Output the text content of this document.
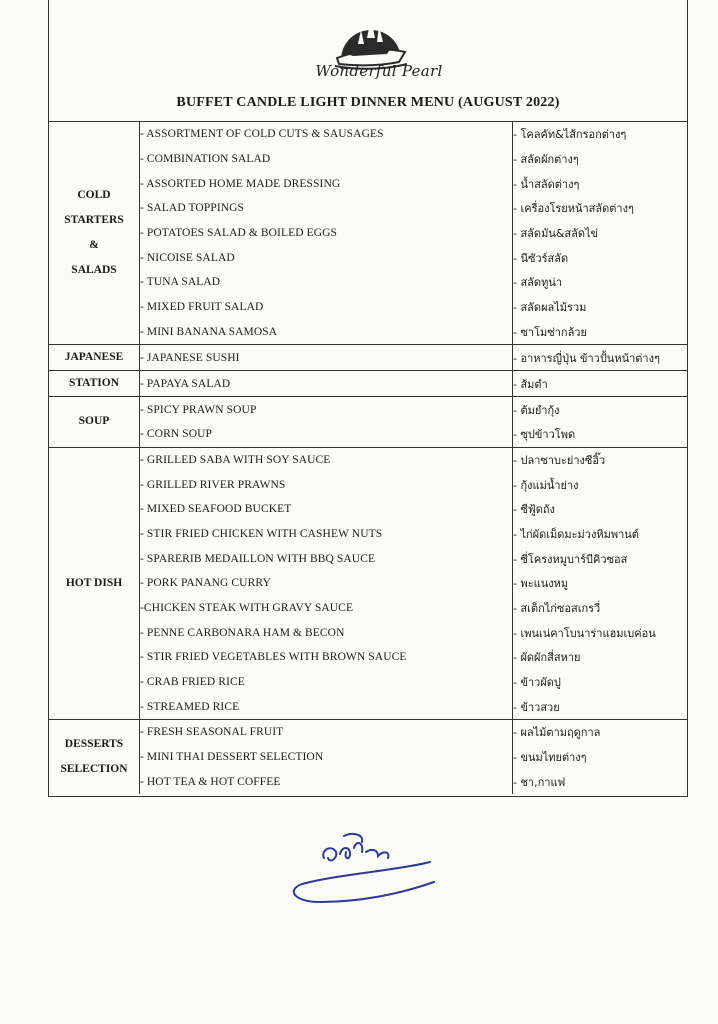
Wonderful Pearl
BUFFET CANDLE LIGHT DINNER MENU (AUGUST 2022)
COLD
STARTERS
&
SALADS	- ASSORTMENT OF COLD CUTS & SAUSAGES	- โคลคัท&ไส้กรอกต่างๆ
	- COMBINATION SALAD	- สลัดผักต่างๆ
	- ASSORTED HOME MADE DRESSING	- น้ำสลัดต่างๆ
	- SALAD TOPPINGS	- เครื่องโรยหน้าสลัดต่างๆ
	- POTATOES SALAD & BOILED EGGS	- สลัดมัน&สลัดไข่
	- NICOISE SALAD	- นีซัวร์สลัด
	- TUNA SALAD	- สลัดทูน่า
	- MIXED FRUIT SALAD	- สลัดผลไม้รวม
	- MINI BANANA SAMOSA	- ซาโมซ่ากล้วย

JAPANESE	- JAPANESE SUSHI	- อาหารญี่ปุ่น ข้าวปั้นหน้าต่างๆ

STATION	- PAPAYA SALAD	- ส้มตำ

SOUP	- SPICY PRAWN SOUP	- ต้มยำกุ้ง
	- CORN SOUP	- ซุปข้าวโพด

HOT DISH	- GRILLED SABA WITH SOY SAUCE	- ปลาซาบะย่างซีอิ๊ว
	- GRILLED RIVER PRAWNS	- กุ้งแม่น้ำย่าง
	- MIXED SEAFOOD BUCKET	- ซีฟู้ดถัง
	- STIR FRIED CHICKEN WITH CASHEW NUTS	- ไก่ผัดเม็ดมะม่วงหิมพานต์
	- SPARERIB MEDAILLON WITH BBQ SAUCE	- ซี่โครงหมูบาร์บีคิวซอส
	- PORK PANANG CURRY	- พะแนงหมู
	-CHICKEN STEAK WITH GRAVY SAUCE	- สเต็กไก่ซอสเกรวี่
	- PENNE CARBONARA HAM & BECON	- เพนเน่คาโบนาร่าแฮมเบค่อน
	- STIR FRIED VEGETABLES WITH BROWN SAUCE	- ผัดผักสี่สหาย
	- CRAB FRIED RICE	- ข้าวผัดปู
	- STREAMED RICE	- ข้าวสวย

DESSERTS
SELECTION	- FRESH SEASONAL FRUIT	- ผลไม้ตามฤดูกาล
	- MINI THAI DESSERT SELECTION	- ขนมไทยต่างๆ
	- HOT TEA & HOT COFFEE	- ชา,กาแฟ
